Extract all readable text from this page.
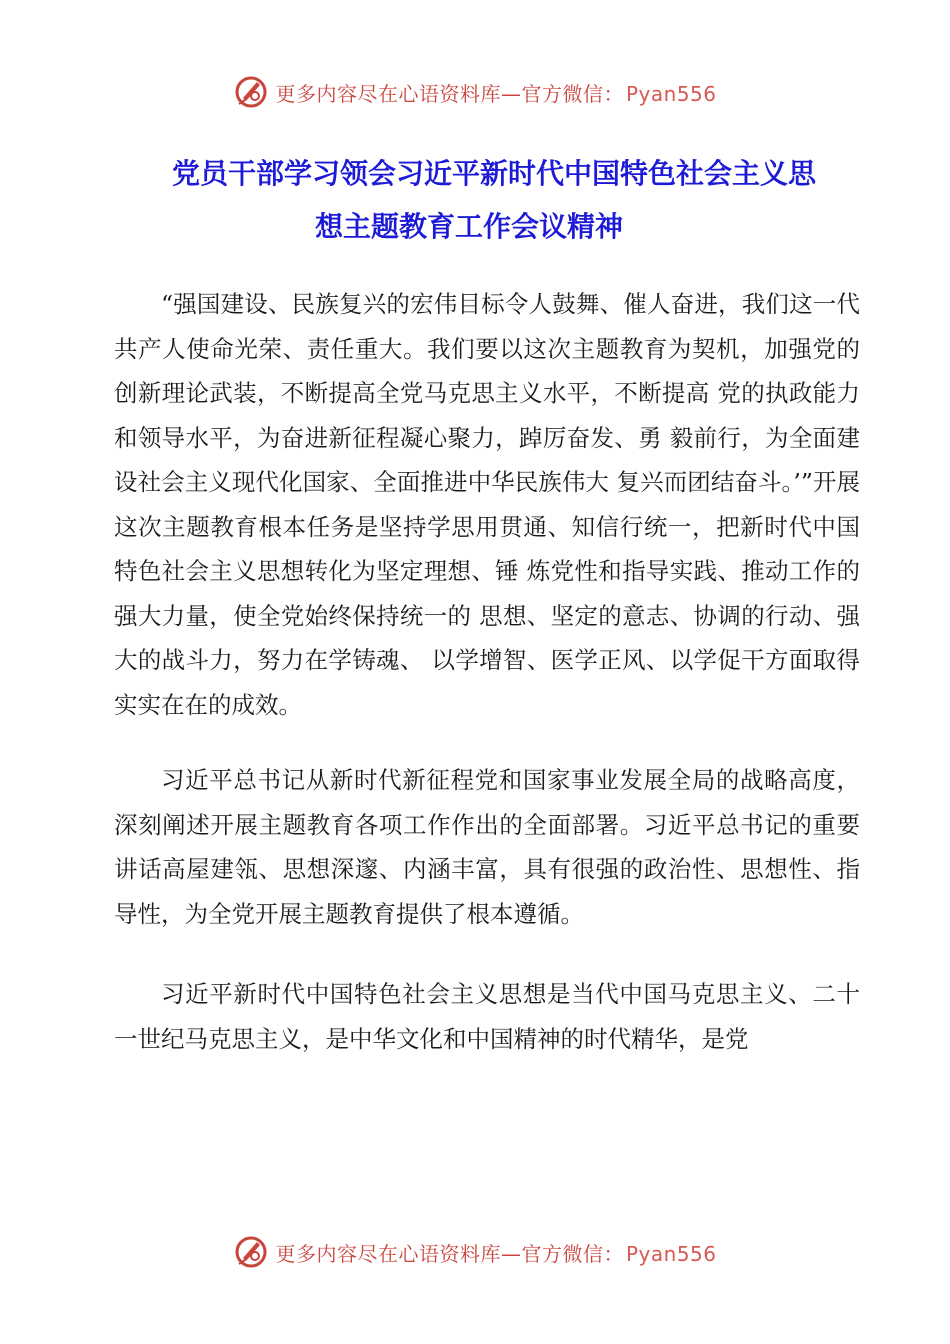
更多内容尽在心语资料库—官方微信： Pyan556
党员干部学习领会习近平新时代中国特色社会主义思
想主题教育工作会议精神

“强国建设、民族复兴的宏伟目标令人鼓舞、催人奋进，我们这一代共产人使命光荣、责任重大。我们要以这次主题教育为契机，加强党的创新理论武装，不断提高全党马克思主义水平，不断提高 党的执政能力和领导水平，为奋进新征程凝心聚力，踔厉奋发、勇 毅前行，为全面建设社会主义现代化国家、全面推进中华民族伟大 复兴而团结奋斗。’”开展这次主题教育根本任务是坚持学思用贯通、知信行统一，把新时代中国特色社会主义思想转化为坚定理想、锤 炼党性和指导实践、推动工作的强大力量，使全党始终保持统一的 思想、坚定的意志、协调的行动、强大的战斗力，努力在学铸魂、 以学增智、医学正风、以学促干方面取得实实在在的成效。

习近平总书记从新时代新征程党和国家事业发展全局的战略高度，深刻阐述开展主题教育各项工作作出的全面部署。习近平总书记的重要讲话高屋建瓴、思想深邃、内涵丰富，具有很强的政治性、思想性、指导性，为全党开展主题教育提供了根本遵循。

习近平新时代中国特色社会主义思想是当代中国马克思主义、二十一世纪马克思主义，是中华文化和中国精神的时代精华，是党

更多内容尽在心语资料库—官方微信： Pyan556
